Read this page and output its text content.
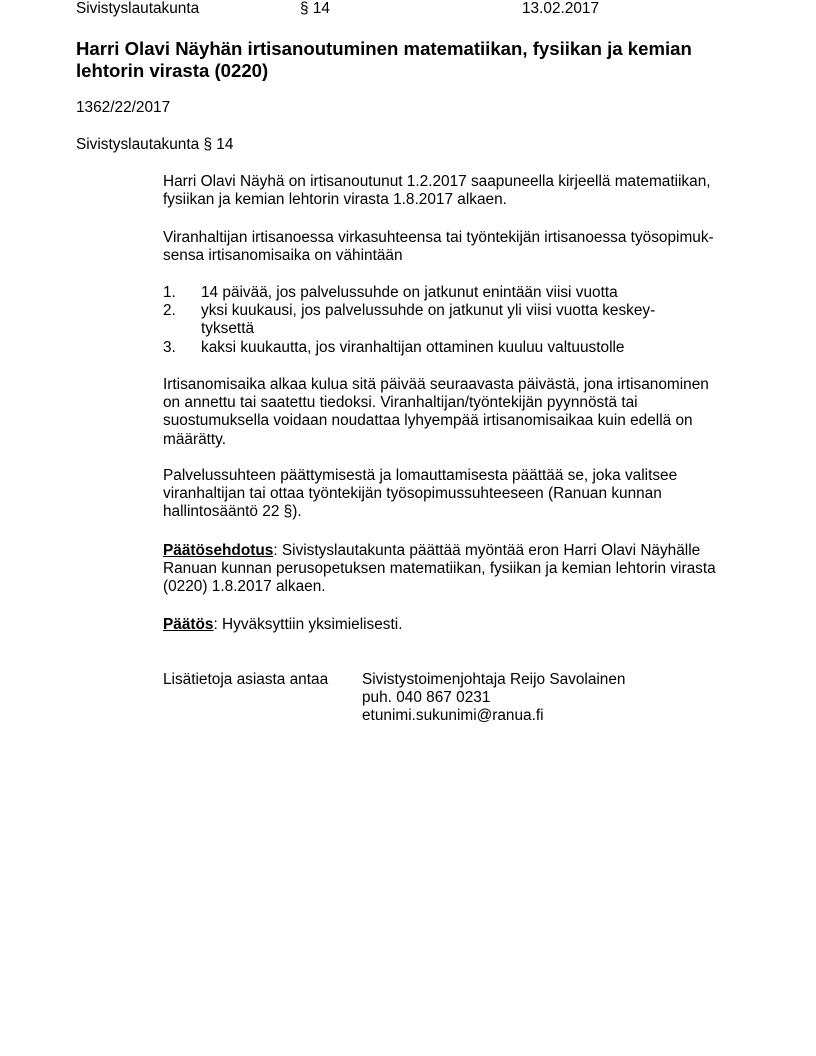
Sivistyslautakunta	§ 14	13.02.2017
Harri Olavi Näyhän irtisanoutuminen matematiikan, fysiikan ja kemian
lehtorin virasta (0220)
1362/22/2017
Sivistyslautakunta § 14
Harri Olavi Näyhä on irtisanoutunut 1.2.2017 saapuneella kirjeellä matematiikan,
fysiikan ja kemian lehtorin virasta 1.8.2017 alkaen.
Viranhaltijan irtisanoessa virkasuhteensa tai työntekijän irtisanoessa työsopimuk-
sensa irtisanomisaika on vähintään
1. 14 päivää, jos palvelussuhde on jatkunut enintään viisi vuotta
2. yksi kuukausi, jos palvelussuhde on jatkunut yli viisi vuotta keskey-
tyksettä
3. kaksi kuukautta, jos viranhaltijan ottaminen kuuluu valtuustolle
Irtisanomisaika alkaa kulua sitä päivää seuraavasta päivästä, jona irtisanominen
on annettu tai saatettu tiedoksi. Viranhaltijan/työntekijän pyynnöstä tai
suostumuksella voidaan noudattaa lyhyempää irtisanomisaikaa kuin edellä on
määrätty.
Palvelussuhteen päättymisestä ja lomauttamisesta päättää se, joka valitsee
viranhaltijan tai ottaa työntekijän työsopimussuhteeseen (Ranuan kunnan
hallintosääntö 22 §).
Päätösehdotus: Sivistyslautakunta päättää myöntää eron Harri Olavi Näyhälle
Ranuan kunnan perusopetuksen matematiikan, fysiikan ja kemian lehtorin virasta
(0220) 1.8.2017 alkaen.
Päätös: Hyväksyttiin yksimielisesti.
Lisätietoja asiasta antaa Sivistystoimenjohtaja Reijo Savolainen
puh. 040 867 0231
etunimi.sukunimi@ranua.fi
